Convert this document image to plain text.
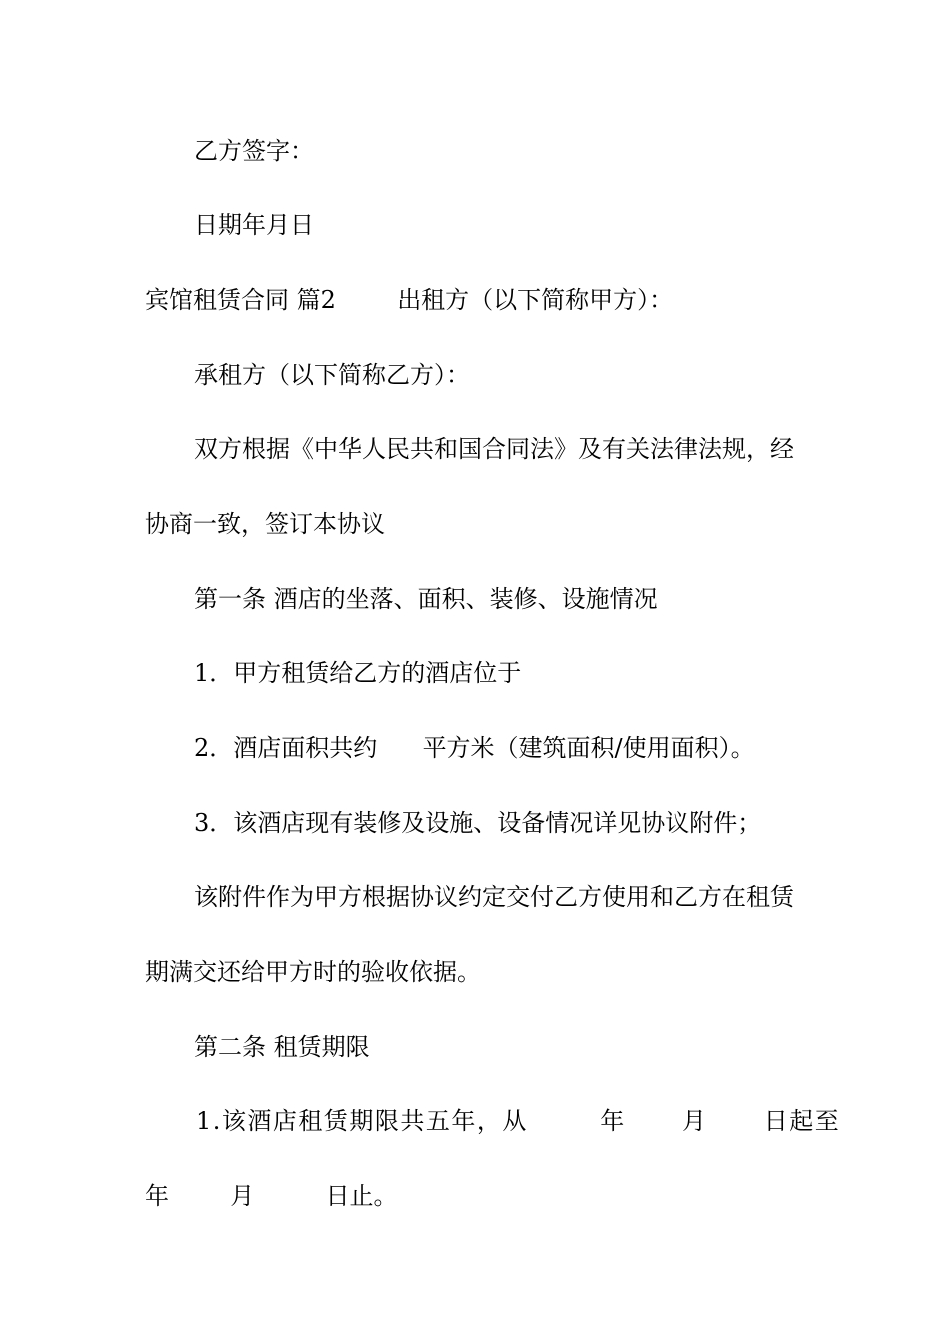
乙方签字：
日期年月日
宾馆租赁合同 篇2	出租方（以下简称甲方）：
承租方（以下简称乙方）：
双方根据《中华人民共和国合同法》及有关法律法规，经
协商一致，签订本协议
第一条 酒店的坐落、面积、装修、设施情况
1．甲方租赁给乙方的酒店位于
2．酒店面积共约 平方米（建筑面积/使用面积）。
3．该酒店现有装修及设施、设备情况详见协议附件；
该附件作为甲方根据协议约定交付乙方使用和乙方在租赁
期满交还给甲方时的验收依据。
第二条 租赁期限
1.该酒店租赁期限共五年，从	年 月 日起至
年	月	日止。
